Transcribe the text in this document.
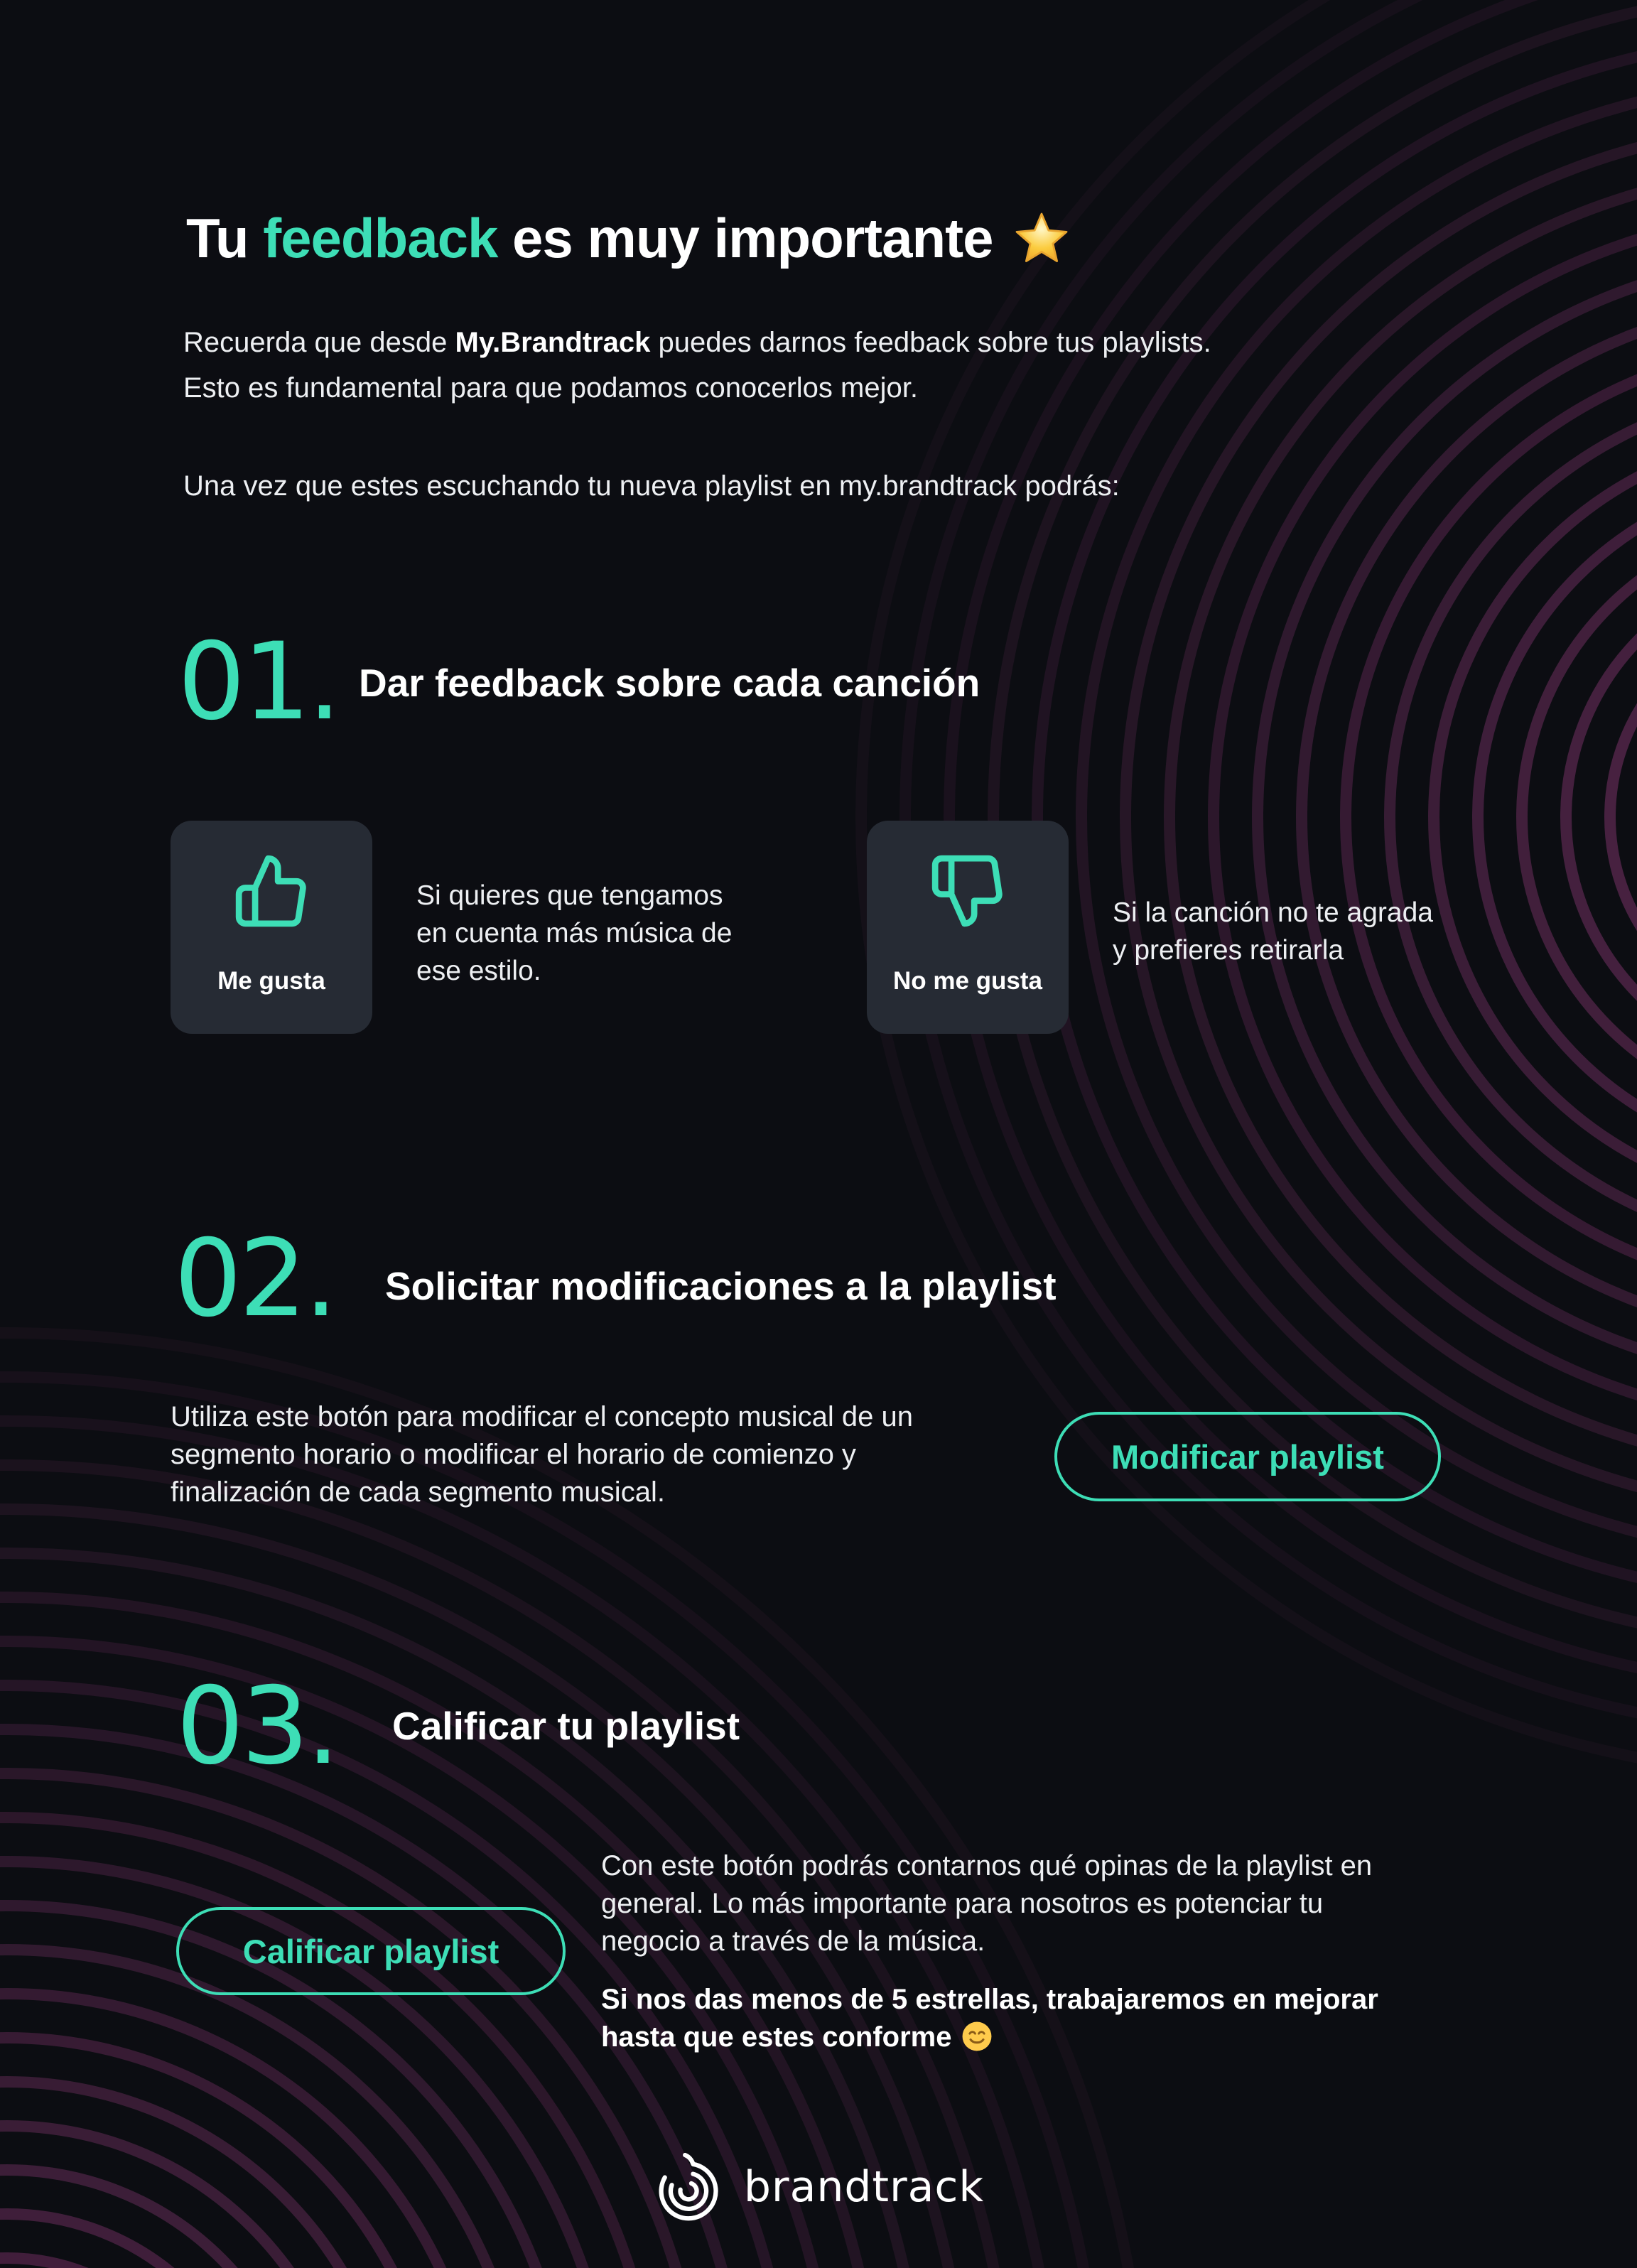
Tu feedback es muy importante
Recuerda que desde My.Brandtrack puedes darnos feedback sobre tus playlists.
Esto es fundamental para que podamos conocerlos mejor.
Una vez que estes escuchando tu nueva playlist en my.brandtrack podrás:
01. Dar feedback sobre cada canción
Me gusta
Si quieres que tengamos
en cuenta más música de
ese estilo.	No me gusta
Si la canción no te agrada
y prefieres retirarla
02. Solicitar modificaciones a la playlist
Utiliza este botón para modificar el concepto musical de un
segmento horario o modificar el horario de comienzo y
finalización de cada segmento musical.
Modificar playlist
03. Calificar tu playlist
Con este botón podrás contarnos qué opinas de la playlist en
general. Lo más importante para nosotros es potenciar tu
negocio a través de la música.
Calificar playlist
Si nos das menos de 5 estrellas, trabajaremos en mejorar
hasta que estes conforme
brandtrack
